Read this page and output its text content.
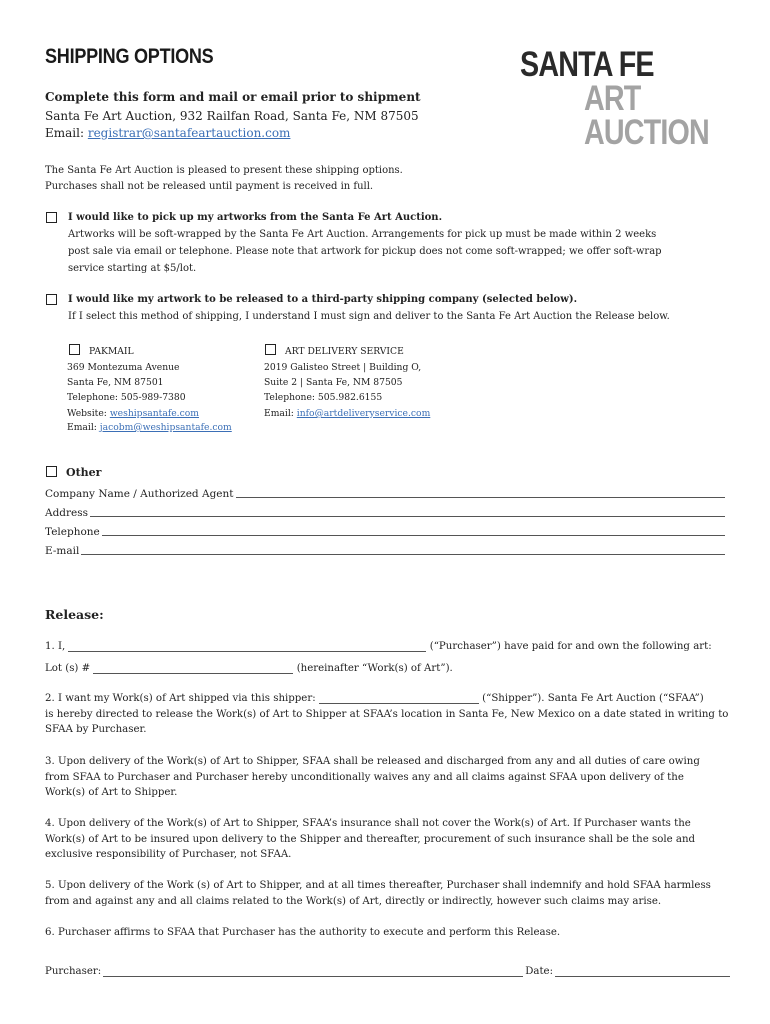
SHIPPING OPTIONS	SANTA FE
ART
AUCTION
Complete this form and mail or email prior to shipment
Santa Fe Art Auction, 932 Railfan Road, Santa Fe, NM 87505
Email: registrar@santafeartauction.com
The Santa Fe Art Auction is pleased to present these shipping options.
Purchases shall not be released until payment is received in full.
I would like to pick up my artworks from the Santa Fe Art Auction.
Artworks will be soft-wrapped by the Santa Fe Art Auction. Arrangements for pick up must be made within 2 weeks
post sale via email or telephone. Please note that artwork for pickup does not come soft-wrapped; we offer soft-wrap
service starting at $5/lot.
I would like my artwork to be released to a third-party shipping company (selected below).
If I select this method of shipping, I understand I must sign and deliver to the Santa Fe Art Auction the Release below.
PAKMAIL
369 Montezuma Avenue
Santa Fe, NM 87501
Telephone: 505-989-7380
Website: weshipsantafe.com
Email: jacobm@weshipsantafe.com
ART DELIVERY SERVICE
2019 Galisteo Street | Building O,
Suite 2 | Santa Fe, NM 87505
Telephone: 505.982.6155
Email: info@artdeliveryservice.com
Other
Company Name / Authorized Agent
Address
Telephone
E-mail
Release:
1. I,	(“Purchaser”) have paid for and own the following art:
Lot (s) #	(hereinafter “Work(s) of Art”).
2. I want my Work(s) of Art shipped via this shipper:	(“Shipper”). Santa Fe Art Auction (“SFAA”)
is hereby directed to release the Work(s) of Art to Shipper at SFAA’s location in Santa Fe, New Mexico on a date stated in writing to
SFAA by Purchaser.
3. Upon delivery of the Work(s) of Art to Shipper, SFAA shall be released and discharged from any and all duties of care owing
from SFAA to Purchaser and Purchaser hereby unconditionally waives any and all claims against SFAA upon delivery of the
Work(s) of Art to Shipper.
4. Upon delivery of the Work(s) of Art to Shipper, SFAA’s insurance shall not cover the Work(s) of Art. If Purchaser wants the
Work(s) of Art to be insured upon delivery to the Shipper and thereafter, procurement of such insurance shall be the sole and
exclusive responsibility of Purchaser, not SFAA.
5. Upon delivery of the Work (s) of Art to Shipper, and at all times thereafter, Purchaser shall indemnify and hold SFAA harmless
from and against any and all claims related to the Work(s) of Art, directly or indirectly, however such claims may arise.
6. Purchaser affirms to SFAA that Purchaser has the authority to execute and perform this Release.
Purchaser:	Date:
